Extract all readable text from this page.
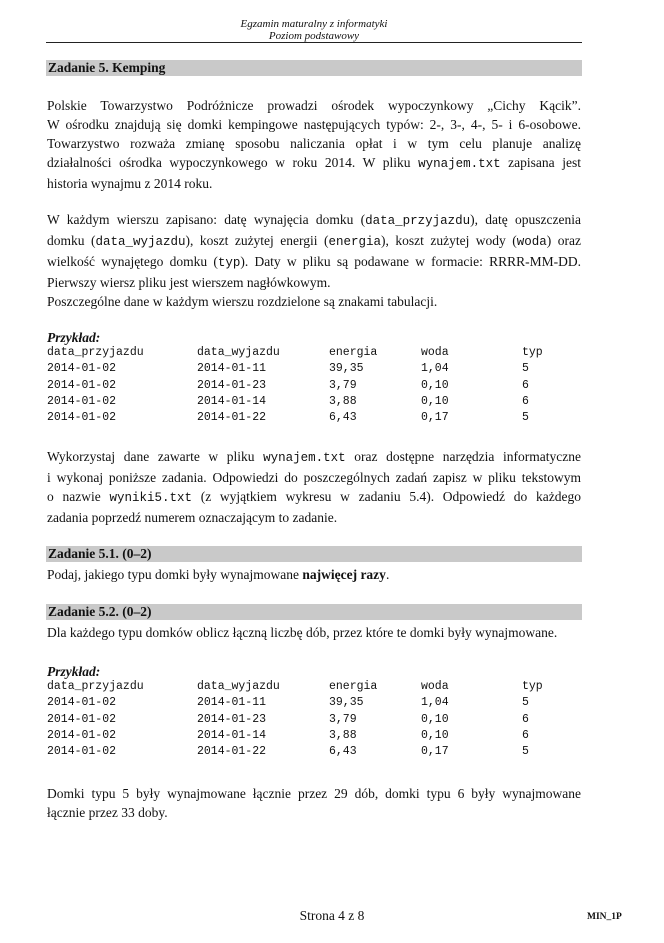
Egzamin maturalny z informatyki
Poziom podstawowy
Zadanie 5. Kemping
Polskie Towarzystwo Podróżnicze prowadzi ośrodek wypoczynkowy „Cichy Kącik”.
W ośrodku znajdują się domki kempingowe następujących typów: 2-, 3-, 4-, 5- i 6-osobowe.
Towarzystwo rozważa zmianę sposobu naliczania opłat i w tym celu planuje analizę
działalności ośrodka wypoczynkowego w roku 2014. W pliku wynajem.txt zapisana jest
historia wynajmu z 2014 roku.
W każdym wierszu zapisano: datę wynajęcia domku (data_przyjazdu), datę opuszczenia
domku (data_wyjazdu), koszt zużytej energii (energia), koszt zużytej wody (woda) oraz
wielkość wynajętego domku (typ). Daty w pliku są podawane w formacie: RRRR-MM-DD.
Pierwszy wiersz pliku jest wierszem nagłówkowym.
Poszczególne dane w każdym wierszu rozdzielone są znakami tabulacji.
Przykład:
data_przyjazdu	data_wyjazdu	energia	woda	typ
2014-01-02	2014-01-11	39,35	1,04	5
2014-01-02	2014-01-23	3,79	0,10	6
2014-01-02	2014-01-14	3,88	0,10	6
2014-01-02	2014-01-22	6,43	0,17	5
Wykorzystaj dane zawarte w pliku wynajem.txt oraz dostępne narzędzia informatyczne
i wykonaj poniższe zadania. Odpowiedzi do poszczególnych zadań zapisz w pliku tekstowym
o nazwie wyniki5.txt (z wyjątkiem wykresu w zadaniu 5.4). Odpowiedź do każdego
zadania poprzedź numerem oznaczającym to zadanie.
Zadanie 5.1. (0–2)
Podaj, jakiego typu domki były wynajmowane najwięcej razy.
Zadanie 5.2. (0–2)
Dla każdego typu domków oblicz łączną liczbę dób, przez które te domki były wynajmowane.
Przykład:
data_przyjazdu	data_wyjazdu	energia	woda	typ
2014-01-02	2014-01-11	39,35	1,04	5
2014-01-02	2014-01-23	3,79	0,10	6
2014-01-02	2014-01-14	3,88	0,10	6
2014-01-02	2014-01-22	6,43	0,17	5
Domki typu 5 były wynajmowane łącznie przez 29 dób, domki typu 6 były wynajmowane
łącznie przez 33 doby.
Strona 4 z 8	MIN_1P
